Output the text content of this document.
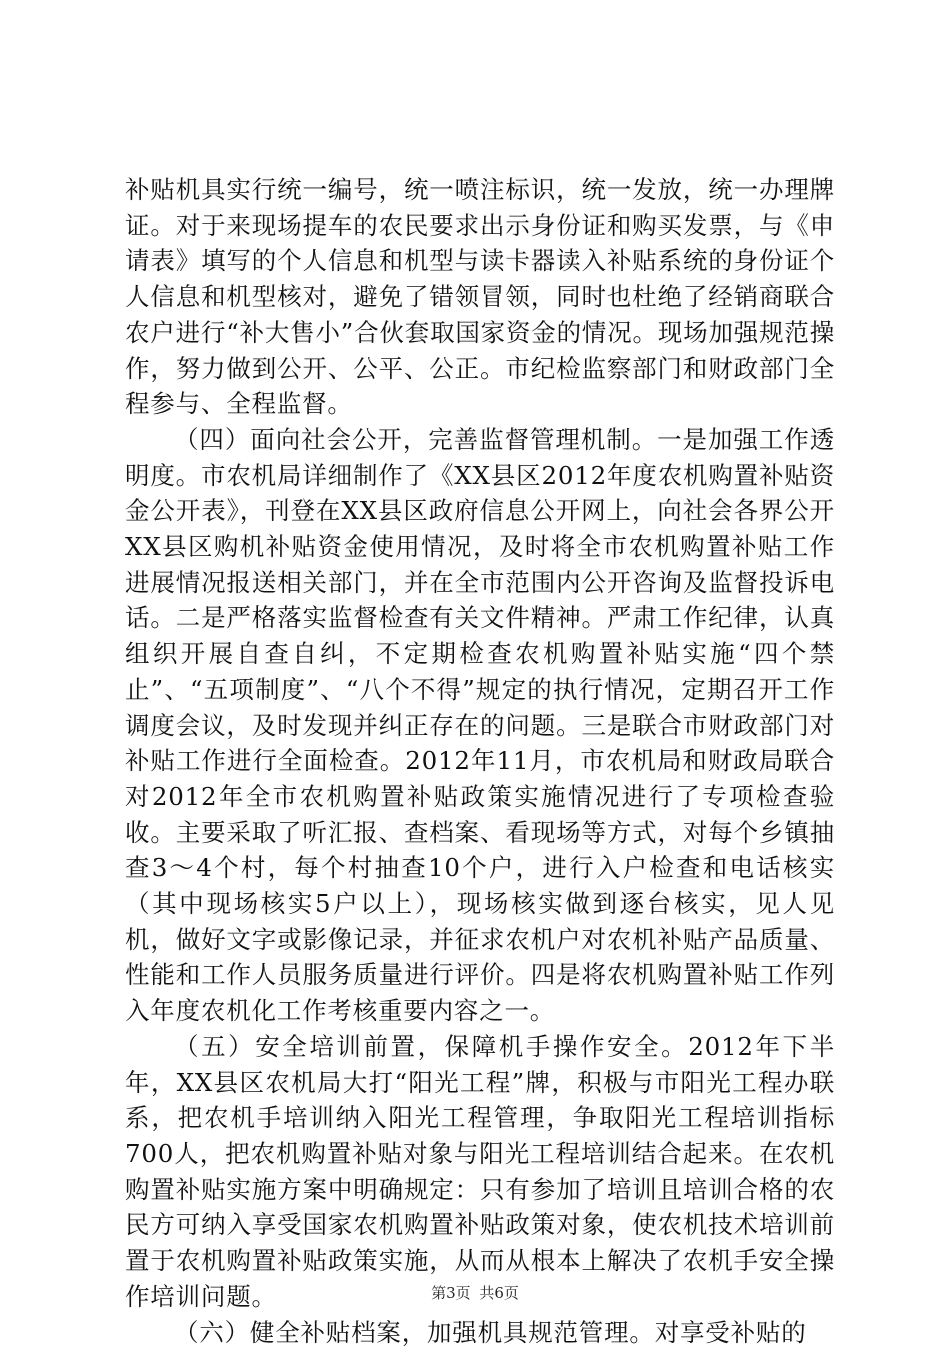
补贴机具实行统一编号，统一喷注标识，统一发放，统一办理牌证。对于来现场提车的农民要求出示身份证和购买发票，与《申请表》填写的个人信息和机型与读卡器读入补贴系统的身份证个人信息和机型核对，避免了错领冒领，同时也杜绝了经销商联合农户进行“补大售小”合伙套取国家资金的情况。现场加强规范操作，努力做到公开、公平、公正。市纪检监察部门和财政部门全程参与、全程监督。

（四）面向社会公开，完善监督管理机制。一是加强工作透明度。市农机局详细制作了《XX县区2012年度农机购置补贴资金公开表》，刊登在XX县区政府信息公开网上，向社会各界公开XX县区购机补贴资金使用情况，及时将全市农机购置补贴工作进展情况报送相关部门，并在全市范围内公开咨询及监督投诉电话。二是严格落实监督检查有关文件精神。严肃工作纪律，认真组织开展自查自纠，不定期检查农机购置补贴实施“四个禁止”、“五项制度”、“八个不得”规定的执行情况，定期召开工作调度会议，及时发现并纠正存在的问题。三是联合市财政部门对补贴工作进行全面检查。2012年11月，市农机局和财政局联合对2012年全市农机购置补贴政策实施情况进行了专项检查验收。主要采取了听汇报、查档案、看现场等方式，对每个乡镇抽查3～4个村，每个村抽查10个户，进行入户检查和电话核实（其中现场核实5户以上），现场核实做到逐台核实，见人见机，做好文字或影像记录，并征求农机户对农机补贴产品质量、性能和工作人员服务质量进行评价。四是将农机购置补贴工作列入年度农机化工作考核重要内容之一。

（五）安全培训前置，保障机手操作安全。2012年下半年，XX县区农机局大打“阳光工程”牌，积极与市阳光工程办联系，把农机手培训纳入阳光工程管理，争取阳光工程培训指标700人，把农机购置补贴对象与阳光工程培训结合起来。在农机购置补贴实施方案中明确规定：只有参加了培训且培训合格的农民方可纳入享受国家农机购置补贴政策对象，使农机技术培训前置于农机购置补贴政策实施，从而从根本上解决了农机手安全操作培训问题。

（六）健全补贴档案，加强机具规范管理。对享受补贴的

第3页 共6页
